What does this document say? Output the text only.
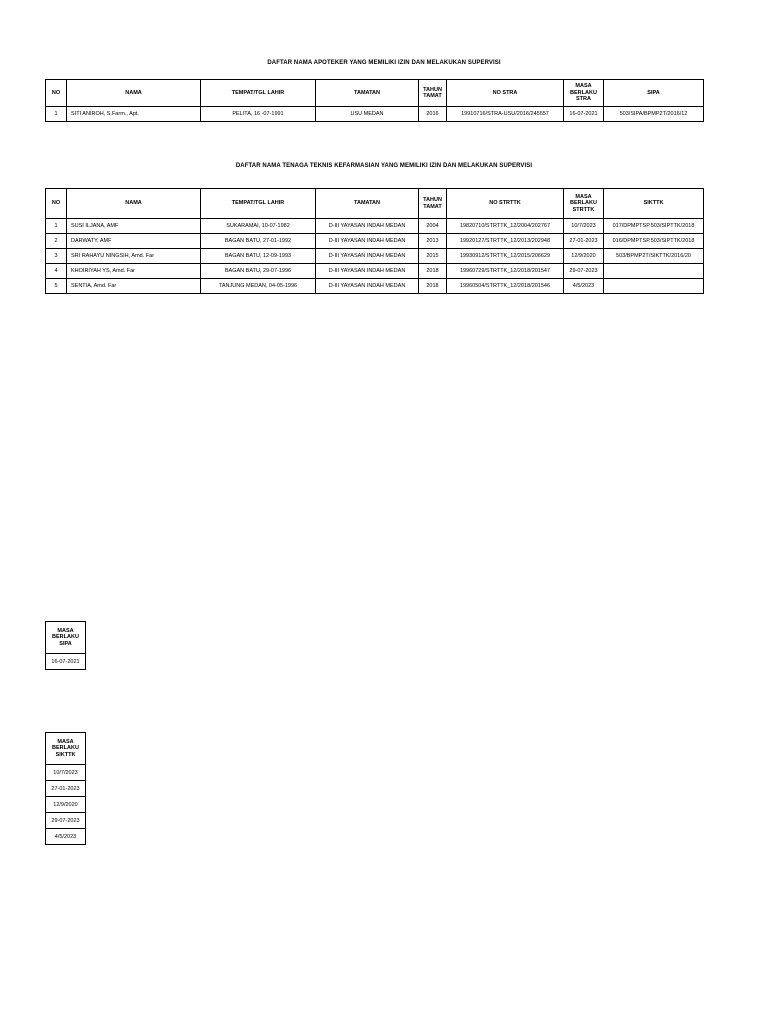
DAFTAR NAMA APOTEKER YANG MEMILIKI IZIN DAN MELAKUKAN SUPERVISI
NO	NAMA	TEMPAT/TGL LAHIR	TAMATAN	TAHUN TAMAT	NO STRA	MASA BERLAKU STRA	SIPA
1	SITI ANIROH, S.Farm., Apt.	PELITA, 16 -07-1991	USU MEDAN	2016	19910716/STRA-USU/2016/245557	16-07-2021	503/SIPA/BPMP2T/2016/12
DAFTAR NAMA TENAGA TEKNIS KEFARMASIAN YANG MEMILIKI IZIN DAN MELAKUKAN SUPERVISI
NO	NAMA	TEMPAT/TGL LAHIR	TAMATAN	TAHUN TAMAT	NO STRTTK	MASA BERLAKU STRTTK	SIKTTK
1	SUSI ILJANA, AMF	SUKARAMAI, 10-07-1982	D-III YAYASAN INDAH MEDAN	2004	19820710/STRTTK_12/2004/202767	10/7/2023	017/DPMPTSP.503/SIPTTK/2018
2	DARWATY, AMF	BAGAN BATU, 27-01-1992	D-III YAYASAN INDAH MEDAN	2013	19920127/STRTTK_12/2013/202948	27-01-2023	016/DPMPTSP.503/SIPTTK/2018
3	SRI RAHAYU NINGSIH, Amd. Far	BAGAN BATU, 12-09-1993	D-III YAYASAN INDAH MEDAN	2015	19930912/STRTTK_12/2015/206629	12/9/2020	503/BPMP2T/SIKTTK/2016/20
4	KHOIRIYAH YS, Amd. Far	BAGAN BATU, 29-07-1996	D-III YAYASAN INDAH MEDAN	2018	19960729/STRTTK_12/2018/201547	29-07-2023	
5	SENTIA, Amd. Far	TANJUNG MEDAN, 04-05-1996	D-III YAYASAN INDAH MEDAN	2018	19960504/STRTTK_12/2018/201546	4/5/2023	
MASA BERLAKU SIPA
16-07-2021
MASA BERLAKU SIKTTK
10/7/2023
27-01-2023
12/9/2020
29-07-2023
4/5/2023
